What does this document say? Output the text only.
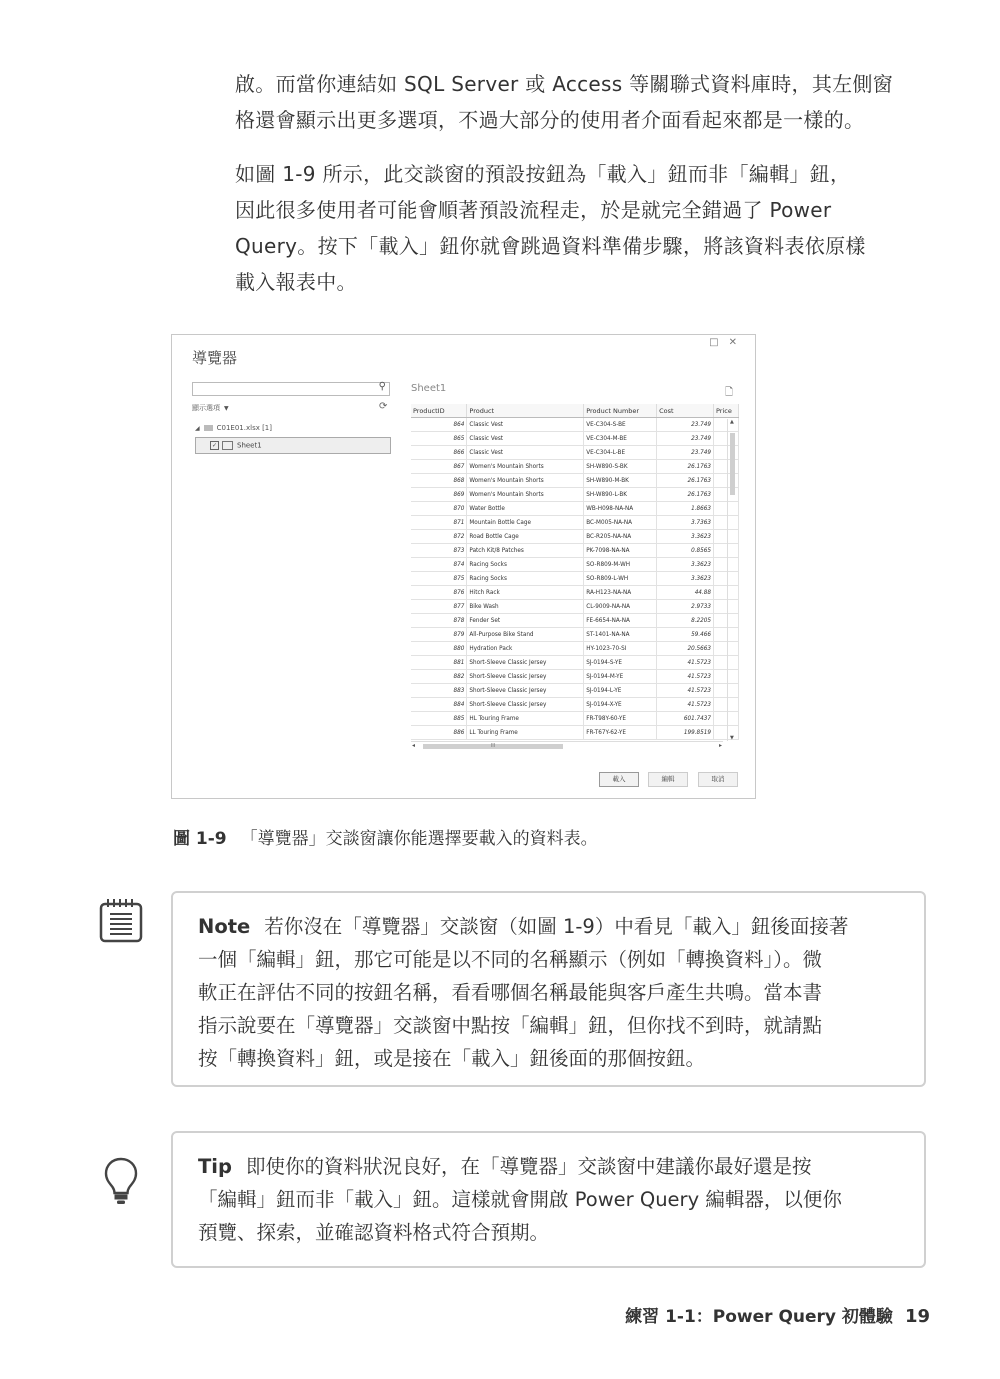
啟。而當你連結如 SQL Server 或 Access 等關聯式資料庫時，其左側窗
格還會顯示出更多選項，不過大部分的使用者介面看起來都是一樣的。
如圖 1-9 所示，此交談窗的預設按鈕為「載入」鈕而非「編輯」鈕，
因此很多使用者可能會順著預設流程走，於是就完全錯過了 Power
Query。按下「載入」鈕你就會跳過資料準備步驟，將該資料表依原樣
載入報表中。
導覽器
□✕
⚲
顯示選項 ▼	⟳
◢ C01E01.xlsx [1]
✓	Sheet1
Sheet1	🗋
ProductID	Product	Product Number	Cost	Price
864	Classic Vest	VE-C304-S-BE	23.749	
865	Classic Vest	VE-C304-M-BE	23.749	
866	Classic Vest	VE-C304-L-BE	23.749	
867	Women's Mountain Shorts	SH-W890-S-BK	26.1763	
868	Women's Mountain Shorts	SH-W890-M-BK	26.1763	
869	Women's Mountain Shorts	SH-W890-L-BK	26.1763	
870	Water Bottle	WB-H098-NA-NA	1.8663	
871	Mountain Bottle Cage	BC-M005-NA-NA	3.7363	
872	Road Bottle Cage	BC-R205-NA-NA	3.3623	
873	Patch Kit/8 Patches	PK-7098-NA-NA	0.8565	
874	Racing Socks	SO-R809-M-WH	3.3623	
875	Racing Socks	SO-R809-L-WH	3.3623	
876	Hitch Rack	RA-H123-NA-NA	44.88	
877	Bike Wash	CL-9009-NA-NA	2.9733	
878	Fender Set	FE-6654-NA-NA	8.2205	
879	All-Purpose Bike Stand	ST-1401-NA-NA	59.466	
880	Hydration Pack	HY-1023-70-SI	20.5663	
881	Short-Sleeve Classic Jersey	SJ-0194-S-YE	41.5723	
882	Short-Sleeve Classic Jersey	SJ-0194-M-YE	41.5723	
883	Short-Sleeve Classic Jersey	SJ-0194-L-YE	41.5723	
884	Short-Sleeve Classic Jersey	SJ-0194-X-YE	41.5723	
885	HL Touring Frame	FR-T98Y-60-YE	601.7437	
886	LL Touring Frame	FR-T67Y-62-YE	199.8519	
▲
▼
◂	III	▸
載入	編輯	取消
圖 1-9 「導覽器」交談窗讓你能選擇要載入的資料表。
Note 若你沒在「導覽器」交談窗（如圖 1-9）中看見「載入」鈕後面接著
一個「編輯」鈕，那它可能是以不同的名稱顯示（例如「轉換資料」）。微
軟正在評估不同的按鈕名稱，看看哪個名稱最能與客戶產生共鳴。當本書
指示說要在「導覽器」交談窗中點按「編輯」鈕，但你找不到時，就請點
按「轉換資料」鈕，或是接在「載入」鈕後面的那個按鈕。
Tip 即使你的資料狀況良好，在「導覽器」交談窗中建議你最好還是按
「編輯」鈕而非「載入」鈕。這樣就會開啟 Power Query 編輯器，以便你
預覽、探索，並確認資料格式符合預期。
練習 1-1：Power Query 初體驗 19
